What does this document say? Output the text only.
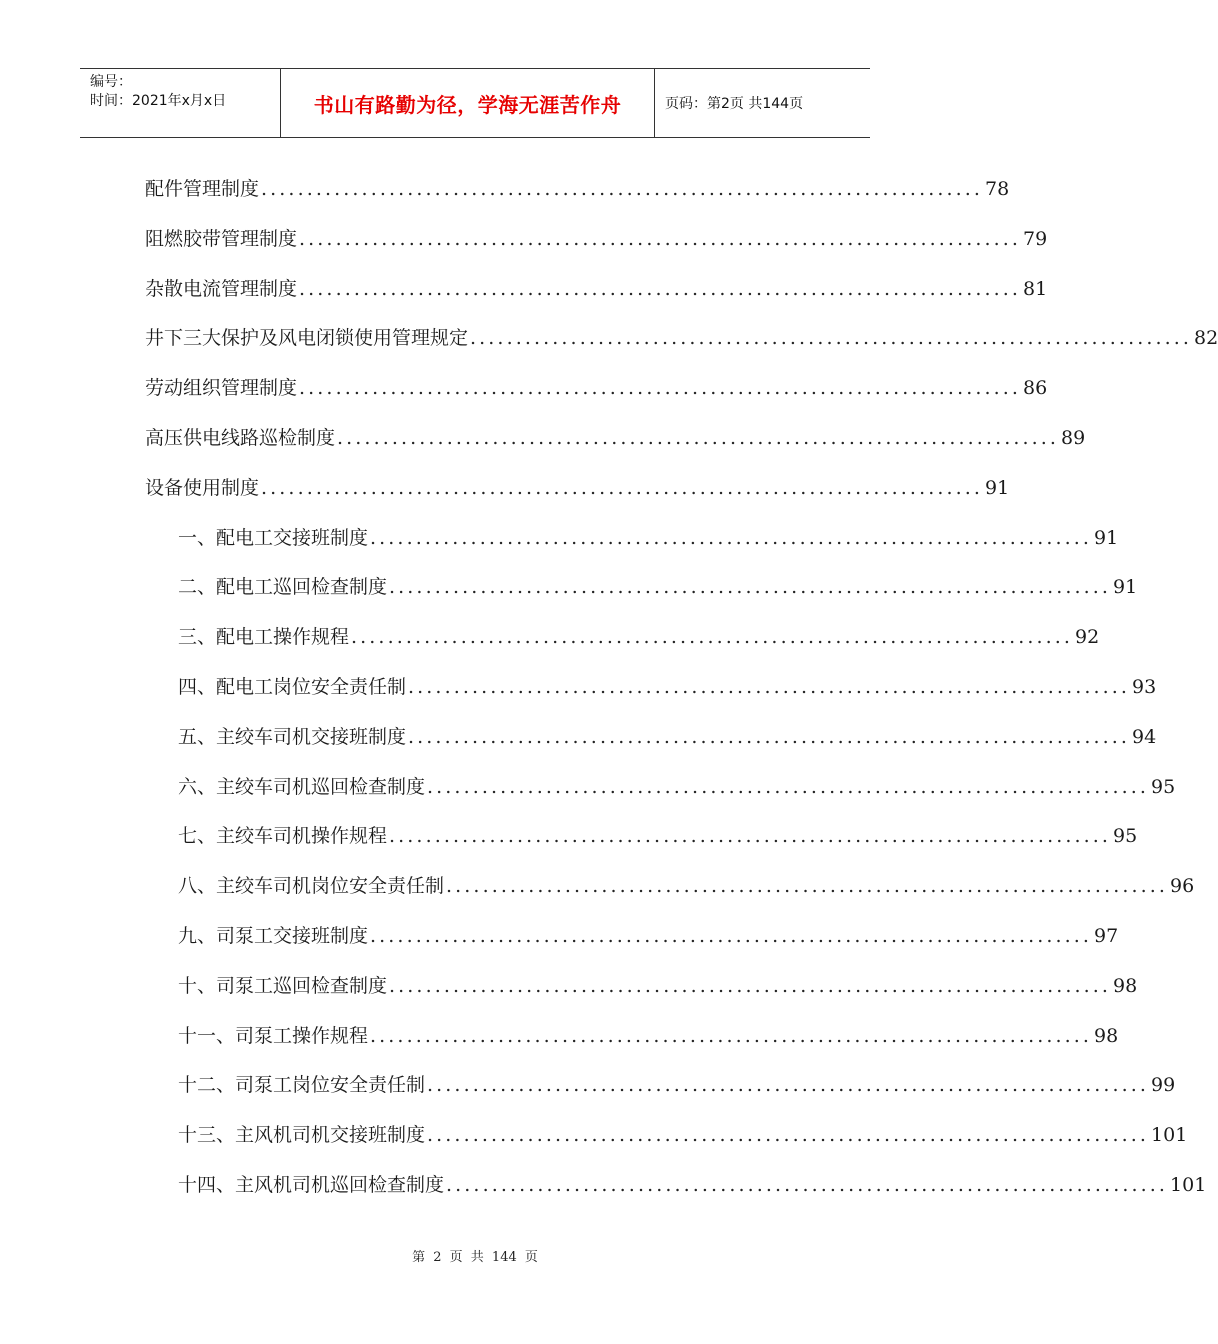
编号：
时间：2021年x月x日	书山有路勤为径，学海无涯苦作舟	页码：第2页 共144页
配件管理制度 ............................................................................... 78
阻燃胶带管理制度 ............................................................................... 79
杂散电流管理制度 ............................................................................... 81
井下三大保护及风电闭锁使用管理规定 ............................................................................... 82
劳动组织管理制度 ............................................................................... 86
高压供电线路巡检制度 ............................................................................... 89
设备使用制度 ............................................................................... 91
一、配电工交接班制度 ............................................................................... 91
二、配电工巡回检查制度 ............................................................................... 91
三、配电工操作规程 ............................................................................... 92
四、配电工岗位安全责任制 ............................................................................... 93
五、主绞车司机交接班制度 ............................................................................... 94
六、主绞车司机巡回检查制度 ............................................................................... 95
七、主绞车司机操作规程 ............................................................................... 95
八、主绞车司机岗位安全责任制 ............................................................................... 96
九、司泵工交接班制度 ............................................................................... 97
十、司泵工巡回检查制度 ............................................................................... 98
十一、司泵工操作规程 ............................................................................... 98
十二、司泵工岗位安全责任制 ............................................................................... 99
十三、主风机司机交接班制度 ............................................................................... 101
十四、主风机司机巡回检查制度 ............................................................................... 101
第 2 页 共 144 页
